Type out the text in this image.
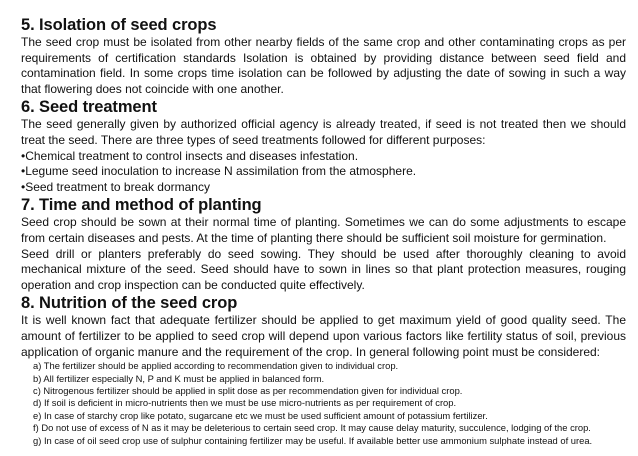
5. Isolation of seed crops

The seed crop must be isolated from other nearby fields of the same crop and other contaminating crops as per requirements of certification standards Isolation is obtained by providing distance between seed field and contamination field. In some crops time isolation can be followed by adjusting the date of sowing in such a way that flowering does not coincide with one another.

6. Seed treatment

The seed generally given by authorized official agency is already treated, if seed is not treated then we should treat the seed. There are three types of seed treatments followed for different purposes:

•Chemical treatment to control insects and diseases infestation.
•Legume seed inoculation to increase N assimilation from the atmosphere.
•Seed treatment to break dormancy
7. Time and method of planting

Seed crop should be sown at their normal time of planting. Sometimes we can do some adjustments to escape from certain diseases and pests. At the time of planting there should be sufficient soil moisture for germination.

Seed drill or planters preferably do seed sowing. They should be used after thoroughly cleaning to avoid mechanical mixture of the seed. Seed should have to sown in lines so that plant protection measures, rouging operation and crop inspection can be conducted quite effectively.

8. Nutrition of the seed crop

It is well known fact that adequate fertilizer should be applied to get maximum yield of good quality seed. The amount of fertilizer to be applied to seed crop will depend upon various factors like fertility status of soil, previous application of organic manure and the requirement of the crop. In general following point must be considered:

a) The fertilizer should be applied according to recommendation given to individual crop.
b) All fertilizer especially N, P and K must be applied in balanced form.
c) Nitrogenous fertilizer should be applied in split dose as per recommendation given for individual crop.
d) If soil is deficient in micro-nutrients then we must be use micro-nutrients as per requirement of crop.
e) In case of starchy crop like potato, sugarcane etc we must be used sufficient amount of potassium fertilizer.
f) Do not use of excess of N as it may be deleterious to certain seed crop. It may cause delay maturity, succulence, lodging of the crop.
g) In case of oil seed crop use of sulphur containing fertilizer may be useful. If available better use ammonium sulphate instead of urea.
